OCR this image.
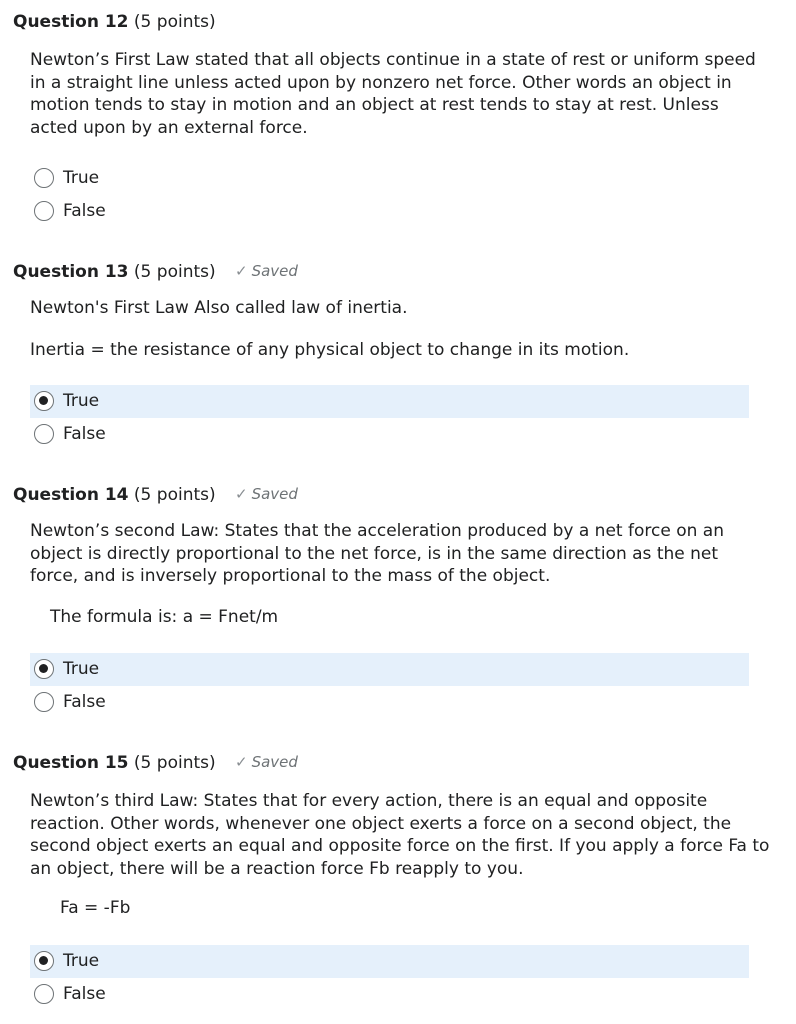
Question 12 (5 points)

Newton’s First Law stated that all objects continue in a state of rest or uniform speed in a straight line unless acted upon by nonzero net force. Other words an object in motion tends to stay in motion and an object at rest tends to stay at rest. Unless acted upon by an external force.

True
False
Question 13 (5 points) ✓ Saved

Newton's First Law Also called law of inertia.

Inertia = the resistance of any physical object to change in its motion.

True
False
Question 14 (5 points) ✓ Saved

Newton’s second Law: States that the acceleration produced by a net force on an object is directly proportional to the net force, is in the same direction as the net force, and is inversely proportional to the mass of the object.

The formula is: a = Fnet/m

True
False
Question 15 (5 points) ✓ Saved

Newton’s third Law: States that for every action, there is an equal and opposite reaction. Other words, whenever one object exerts a force on a second object, the second object exerts an equal and opposite force on the first. If you apply a force Fa to an object, there will be a reaction force Fb reapply to you.

Fa = -Fb

True
False
